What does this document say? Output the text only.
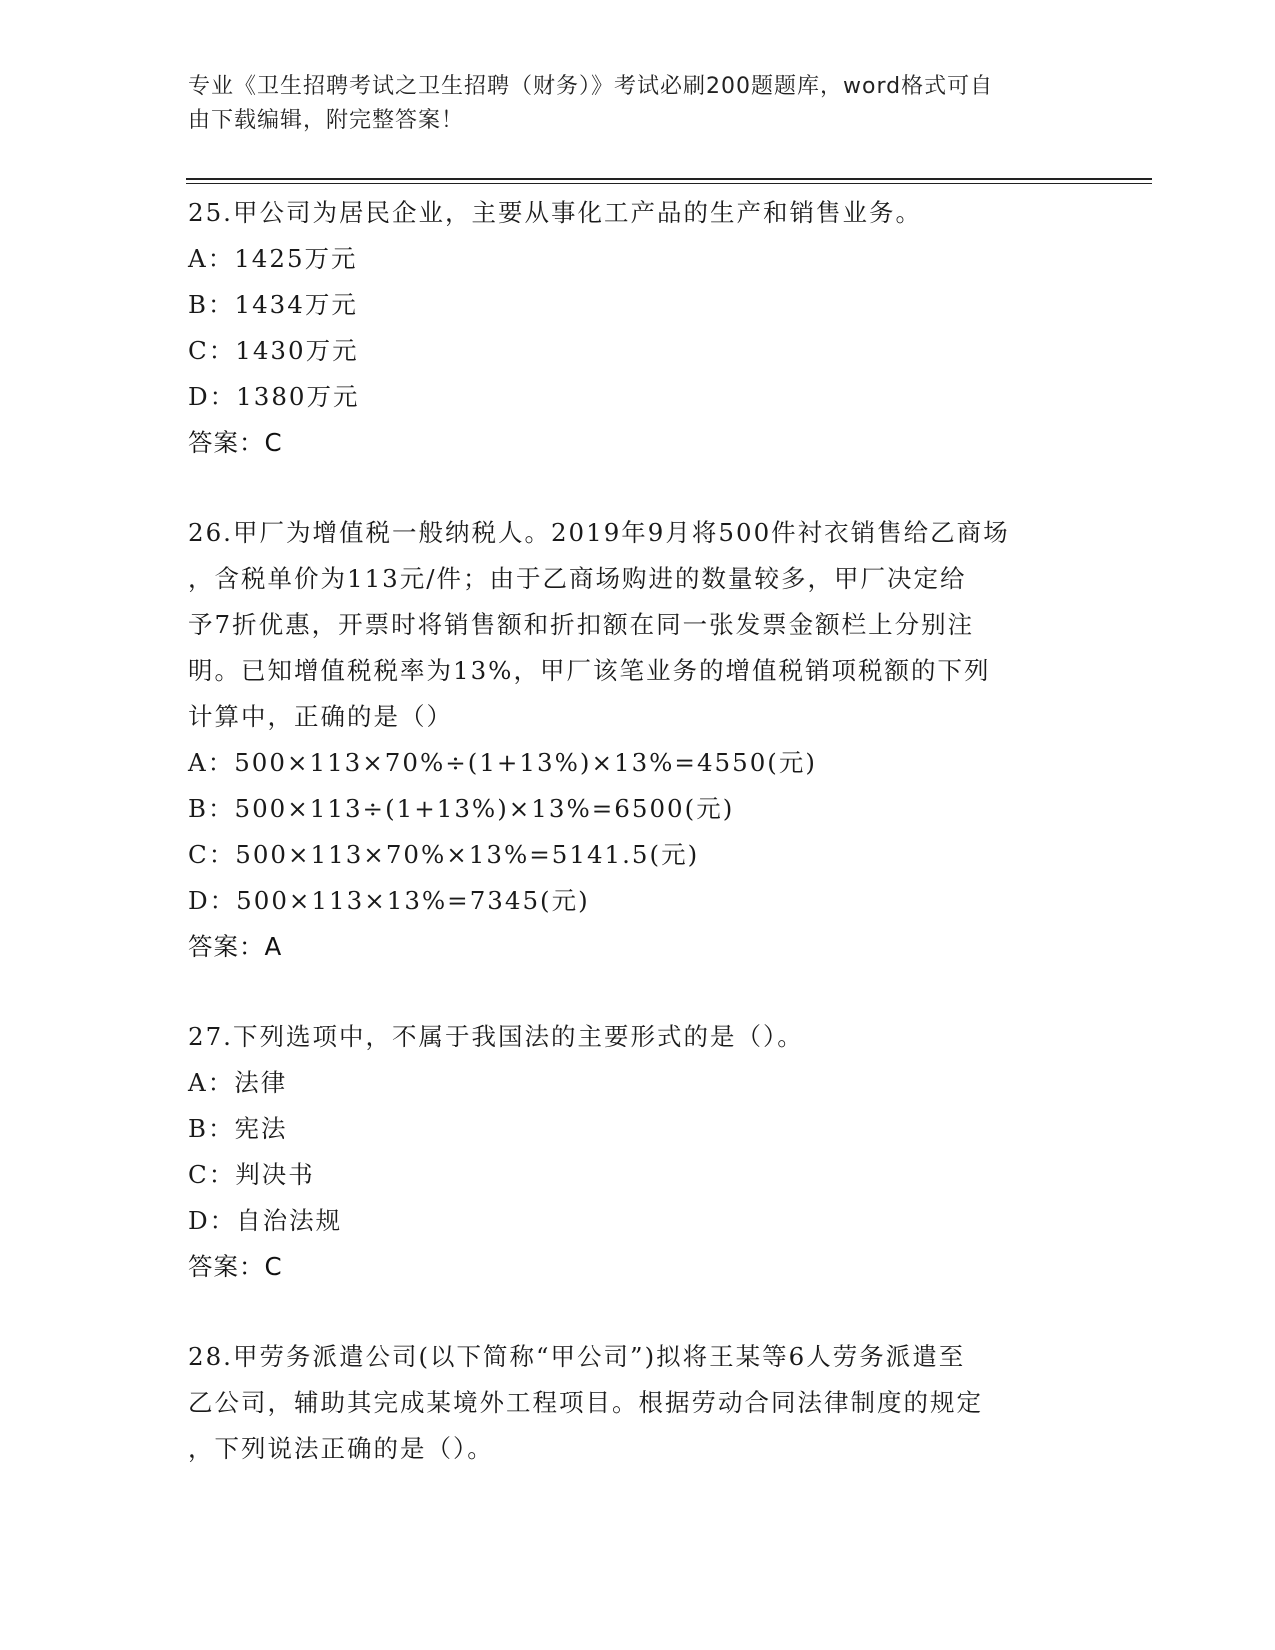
专业《卫生招聘考试之卫生招聘（财务）》考试必刷200题题库，word格式可自
由下载编辑，附完整答案！
25.甲公司为居民企业，主要从事化工产品的生产和销售业务。
A：1425万元
B：1434万元
C：1430万元
D：1380万元
答案：C
26.甲厂为增值税一般纳税人。2019年9月将500件衬衣销售给乙商场
，含税单价为113元/件；由于乙商场购进的数量较多，甲厂决定给
予7折优惠，开票时将销售额和折扣额在同一张发票金额栏上分别注
明。已知增值税税率为13%，甲厂该笔业务的增值税销项税额的下列
计算中，正确的是（）
A：500×113×70%÷(1+13%)×13%=4550(元)
B：500×113÷(1+13%)×13%=6500(元)
C：500×113×70%×13%=5141.5(元)
D：500×113×13%=7345(元)
答案：A
27.下列选项中，不属于我国法的主要形式的是（）。
A：法律
B：宪法
C：判决书
D：自治法规
答案：C
28.甲劳务派遣公司(以下简称“甲公司”)拟将王某等6人劳务派遣至
乙公司，辅助其完成某境外工程项目。根据劳动合同法律制度的规定
，下列说法正确的是（）。
